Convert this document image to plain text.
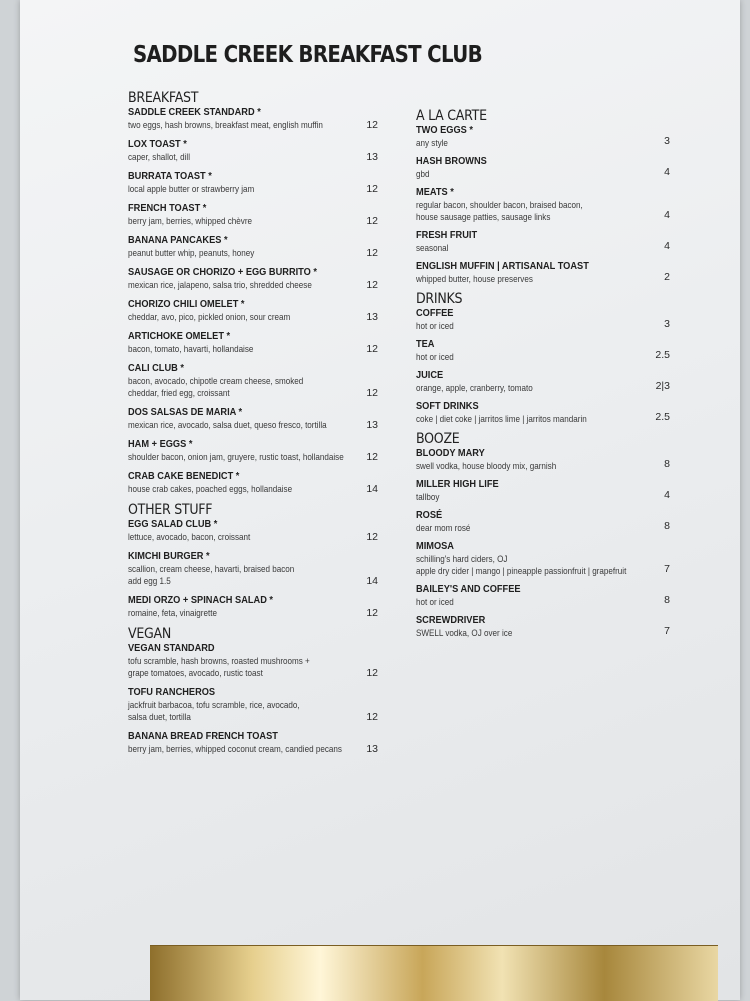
SADDLE CREEK BREAKFAST CLUB
BREAKFAST
SADDLE CREEK STANDARD *
two eggs, hash browns, breakfast meat, english muffin	12
LOX TOAST *
caper, shallot, dill	13
BURRATA TOAST *
local apple butter or strawberry jam	12
FRENCH TOAST *
berry jam, berries, whipped chèvre	12
BANANA PANCAKES *
peanut butter whip, peanuts, honey	12
SAUSAGE OR CHORIZO + EGG BURRITO *
mexican rice, jalapeno, salsa trio, shredded cheese	12
CHORIZO CHILI OMELET *
cheddar, avo, pico, pickled onion, sour cream	13
ARTICHOKE OMELET *
bacon, tomato, havarti, hollandaise	12
CALI CLUB *
bacon, avocado, chipotle cream cheese, smoked
cheddar, fried egg, croissant	12
DOS SALSAS DE MARIA *
mexican rice, avocado, salsa duet, queso fresco, tortilla	13
HAM + EGGS *
shoulder bacon, onion jam, gruyere, rustic toast, hollandaise	12
CRAB CAKE BENEDICT *
house crab cakes, poached eggs, hollandaise	14
OTHER STUFF
EGG SALAD CLUB *
lettuce, avocado, bacon, croissant	12
KIMCHI BURGER *
scallion, cream cheese, havarti, braised bacon
add egg 1.5	14
MEDI ORZO + SPINACH SALAD *
romaine, feta, vinaigrette	12
VEGAN
VEGAN STANDARD
tofu scramble, hash browns, roasted mushrooms +
grape tomatoes, avocado, rustic toast	12
TOFU RANCHEROS
jackfruit barbacoa, tofu scramble, rice, avocado,
salsa duet, tortilla	12
BANANA BREAD FRENCH TOAST
berry jam, berries, whipped coconut cream, candied pecans	13
A LA CARTE
TWO EGGS *
any style	3
HASH BROWNS
gbd	4
MEATS *
regular bacon, shoulder bacon, braised bacon,
house sausage patties, sausage links	4
FRESH FRUIT
seasonal	4
ENGLISH MUFFIN | ARTISANAL TOAST
whipped butter, house preserves	2
DRINKS
COFFEE
hot or iced	3
TEA
hot or iced	2.5
JUICE
orange, apple, cranberry, tomato	2|3
SOFT DRINKS
coke | diet coke | jarritos lime | jarritos mandarin	2.5
BOOZE
BLOODY MARY
swell vodka, house bloody mix, garnish	8
MILLER HIGH LIFE
tallboy	4
ROSÉ
dear mom rosé	8
MIMOSA
schilling's hard ciders, OJ
apple dry cider | mango | pineapple passionfruit | grapefruit	7
BAILEY'S AND COFFEE
hot or iced	8
SCREWDRIVER
SWELL vodka, OJ over ice	7
